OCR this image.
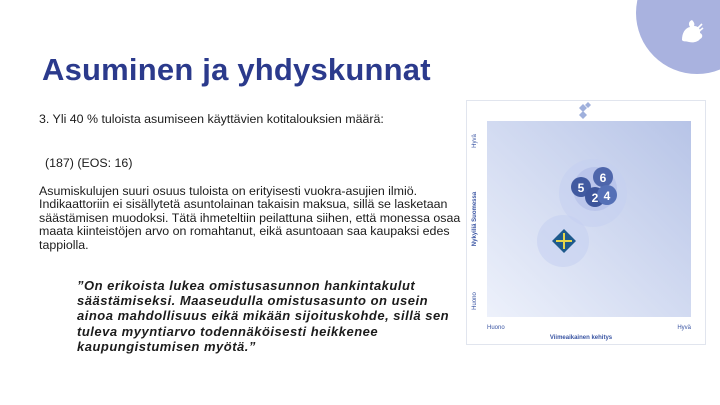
Asuminen ja yhdyskunnat
3. Yli 40 % tuloista asumiseen käyttävien kotitalouksien määrä:
(187) (EOS: 16)
Asumiskulujen suuri osuus tuloista on erityisesti vuokra-asujien ilmiö. Indikaattoriin ei sisällytetä asuntolainan takaisin maksua, sillä se lasketaan säästämisen muodoksi. Tätä ihmeteltiin peilattuna siihen, että monessa osaa maata kiinteistöjen arvo on romahtanut, eikä asuntoaan saa kaupaksi edes tappiolla.
”On erikoista lukea omistusasunnon hankintakulut säästämiseksi. Maaseudulla omistusasunto on usein ainoa mahdollisuus eikä mikään sijoituskohde, sillä sen tuleva myyntiarvo todennäköisesti heikkenee kaupungistumisen myötä.”
5
6
2 4
Hyvä
Nykyiliä Suomessa
Huono
Huono
Viimeaikainen kehitys
Hyvä
